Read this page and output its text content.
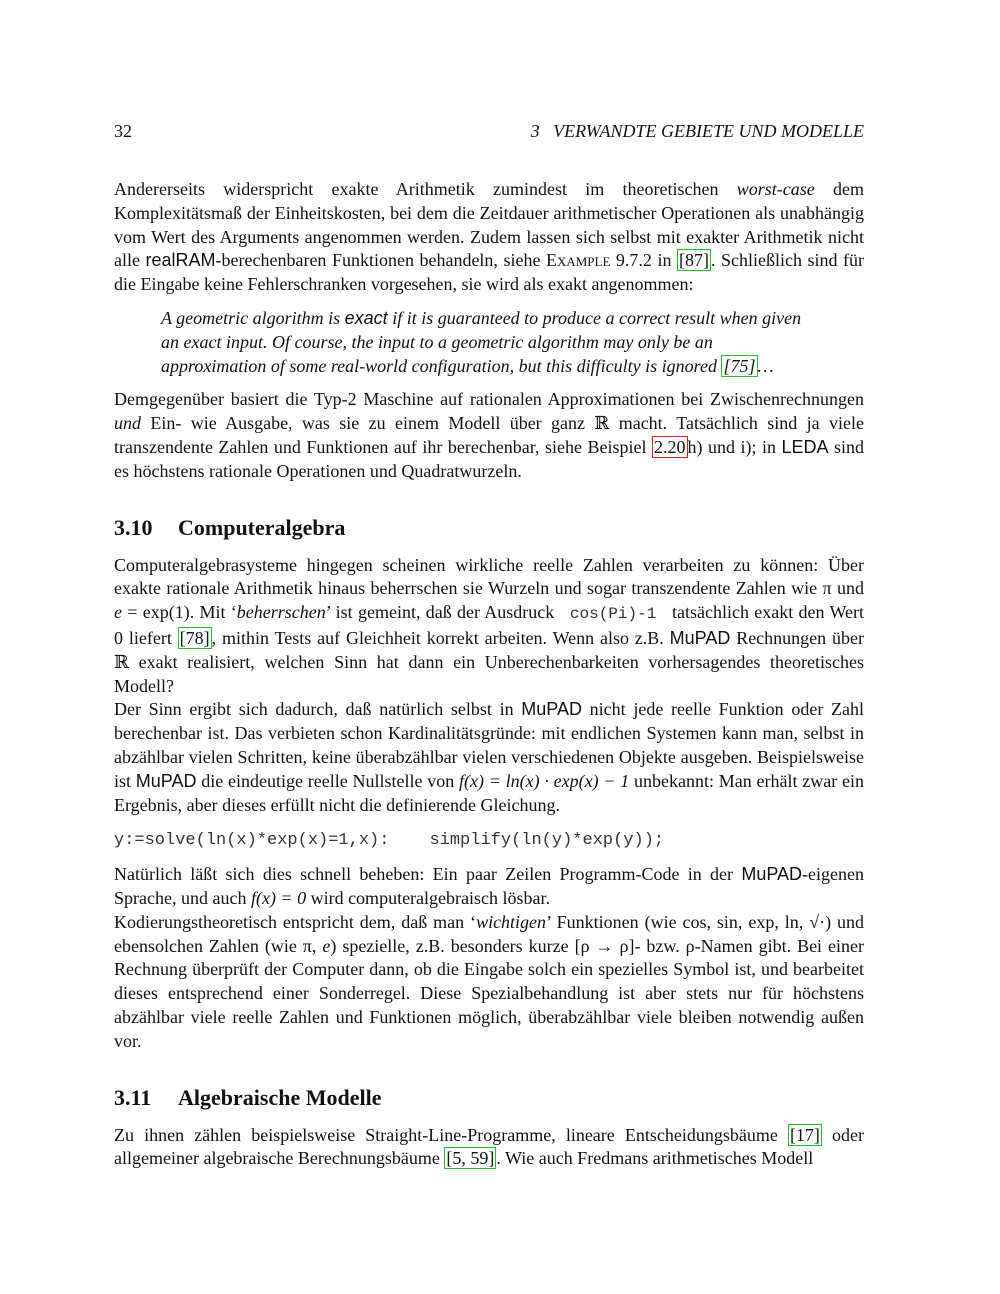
32	3   VERWANDTE GEBIETE UND MODELLE

Andererseits widerspricht exakte Arithmetik zumindest im theoretischen worst-case dem Komplexitätsmaß der Einheitskosten, bei dem die Zeitdauer arithmetischer Operationen als unabhängig vom Wert des Arguments angenommen werden. Zudem lassen sich selbst mit exakter Arithmetik nicht alle realRAM-berechenbaren Funktionen behandeln, siehe Example 9.7.2 in [87] . Schließlich sind für die Eingabe keine Fehlerschranken vorgesehen, sie wird als exakt angenommen:

A geometric algorithm is exact if it is guaranteed to produce a correct result when given an exact input. Of course, the input to a geometric algorithm may only be an approximation of some real-world configuration, but this difficulty is ignored [75] …

Demgegenüber basiert die Typ-2 Maschine auf rationalen Approximationen bei Zwischenrechnungen und Ein- wie Ausgabe, was sie zu einem Modell über ganz ℝ macht. Tatsächlich sind ja viele transzendente Zahlen und Funktionen auf ihr berechenbar, siehe Beispiel 2.20 h) und i); in LEDA sind es höchstens rationale Operationen und Quadratwurzeln.

3.10 Computeralgebra

Computeralgebrasysteme hingegen scheinen wirkliche reelle Zahlen verarbeiten zu können: Über exakte rationale Arithmetik hinaus beherrschen sie Wurzeln und sogar transzendente Zahlen wie π und e = exp(1). Mit ‘beherrschen’ ist gemeint, daß der Ausdruck  cos(Pi)-1  tatsächlich exakt den Wert 0 liefert [78] , mithin Tests auf Gleichheit korrekt arbeiten. Wenn also z.B. MuPAD Rechnungen über ℝ exakt realisiert, welchen Sinn hat dann ein Unberechenbarkeiten vorhersagendes theoretisches Modell?

Der Sinn ergibt sich dadurch, daß natürlich selbst in MuPAD nicht jede reelle Funktion oder Zahl berechenbar ist. Das verbieten schon Kardinalitätsgründe: mit endlichen Systemen kann man, selbst in abzählbar vielen Schritten, keine überabzählbar vielen verschiedenen Objekte ausgeben. Beispielsweise ist MuPAD die eindeutige reelle Nullstelle von f(x) = ln(x) · exp(x) − 1 unbekannt: Man erhält zwar ein Ergebnis, aber dieses erfüllt nicht die definierende Gleichung.

y:=solve(ln(x)*exp(x)=1,x): simplify(ln(y)*exp(y));

Natürlich läßt sich dies schnell beheben: Ein paar Zeilen Programm-Code in der MuPAD-eigenen Sprache, und auch f(x) = 0 wird computeralgebraisch lösbar.

Kodierungstheoretisch entspricht dem, daß man ‘wichtigen’ Funktionen (wie cos, sin, exp, ln, √·) und ebensolchen Zahlen (wie π, e) spezielle, z.B. besonders kurze [ρ → ρ]- bzw. ρ-Namen gibt. Bei einer Rechnung überprüft der Computer dann, ob die Eingabe solch ein spezielles Symbol ist, und bearbeitet dieses entsprechend einer Sonderregel. Diese Spezialbehandlung ist aber stets nur für höchstens abzählbar viele reelle Zahlen und Funktionen möglich, überabzählbar viele bleiben notwendig außen vor.

3.11 Algebraische Modelle

Zu ihnen zählen beispielsweise Straight-Line-Programme, lineare Entscheidungsbäume [17] oder allgemeiner algebraische Berechnungsbäume [5, 59] . Wie auch Fredmans arithmetisches Modell
